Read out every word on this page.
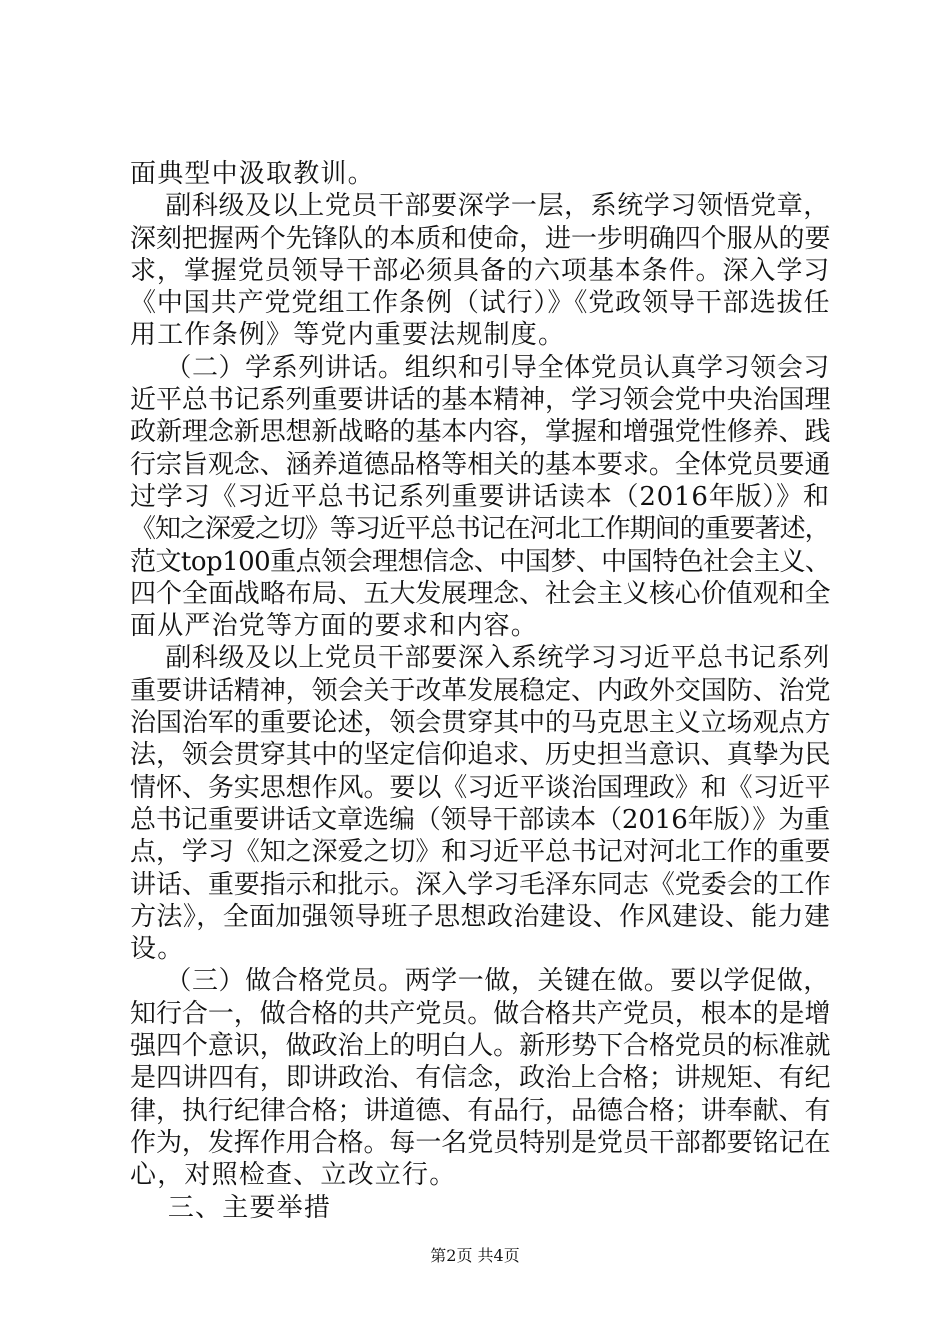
面典型中汲取教训。
副科级及以上党员干部要深学一层，系统学习领悟党章，
深刻把握两个先锋队的本质和使命，进一步明确四个服从的要
求，掌握党员领导干部必须具备的六项基本条件。深入学习
《中国共产党党组工作条例（试行）》《党政领导干部选拔任
用工作条例》等党内重要法规制度。
（二）学系列讲话。组织和引导全体党员认真学习领会习
近平总书记系列重要讲话的基本精神，学习领会党中央治国理
政新理念新思想新战略的基本内容，掌握和增强党性修养、践
行宗旨观念、涵养道德品格等相关的基本要求。全体党员要通
过学习《习近平总书记系列重要讲话读本（2016年版）》和
《知之深爱之切》等习近平总书记在河北工作期间的重要著述，
范文top100重点领会理想信念、中国梦、中国特色社会主义、
四个全面战略布局、五大发展理念、社会主义核心价值观和全
面从严治党等方面的要求和内容。
副科级及以上党员干部要深入系统学习习近平总书记系列
重要讲话精神，领会关于改革发展稳定、内政外交国防、治党
治国治军的重要论述，领会贯穿其中的马克思主义立场观点方
法，领会贯穿其中的坚定信仰追求、历史担当意识、真挚为民
情怀、务实思想作风。要以《习近平谈治国理政》和《习近平
总书记重要讲话文章选编（领导干部读本（2016年版）》为重
点，学习《知之深爱之切》和习近平总书记对河北工作的重要
讲话、重要指示和批示。深入学习毛泽东同志《党委会的工作
方法》，全面加强领导班子思想政治建设、作风建设、能力建
设。
（三）做合格党员。两学一做，关键在做。要以学促做，
知行合一，做合格的共产党员。做合格共产党员，根本的是增
强四个意识，做政治上的明白人。新形势下合格党员的标准就
是四讲四有，即讲政治、有信念，政治上合格；讲规矩、有纪
律，执行纪律合格；讲道德、有品行，品德合格；讲奉献、有
作为，发挥作用合格。每一名党员特别是党员干部都要铭记在
心，对照检查、立改立行。
三、主要举措
第2页 共4页
